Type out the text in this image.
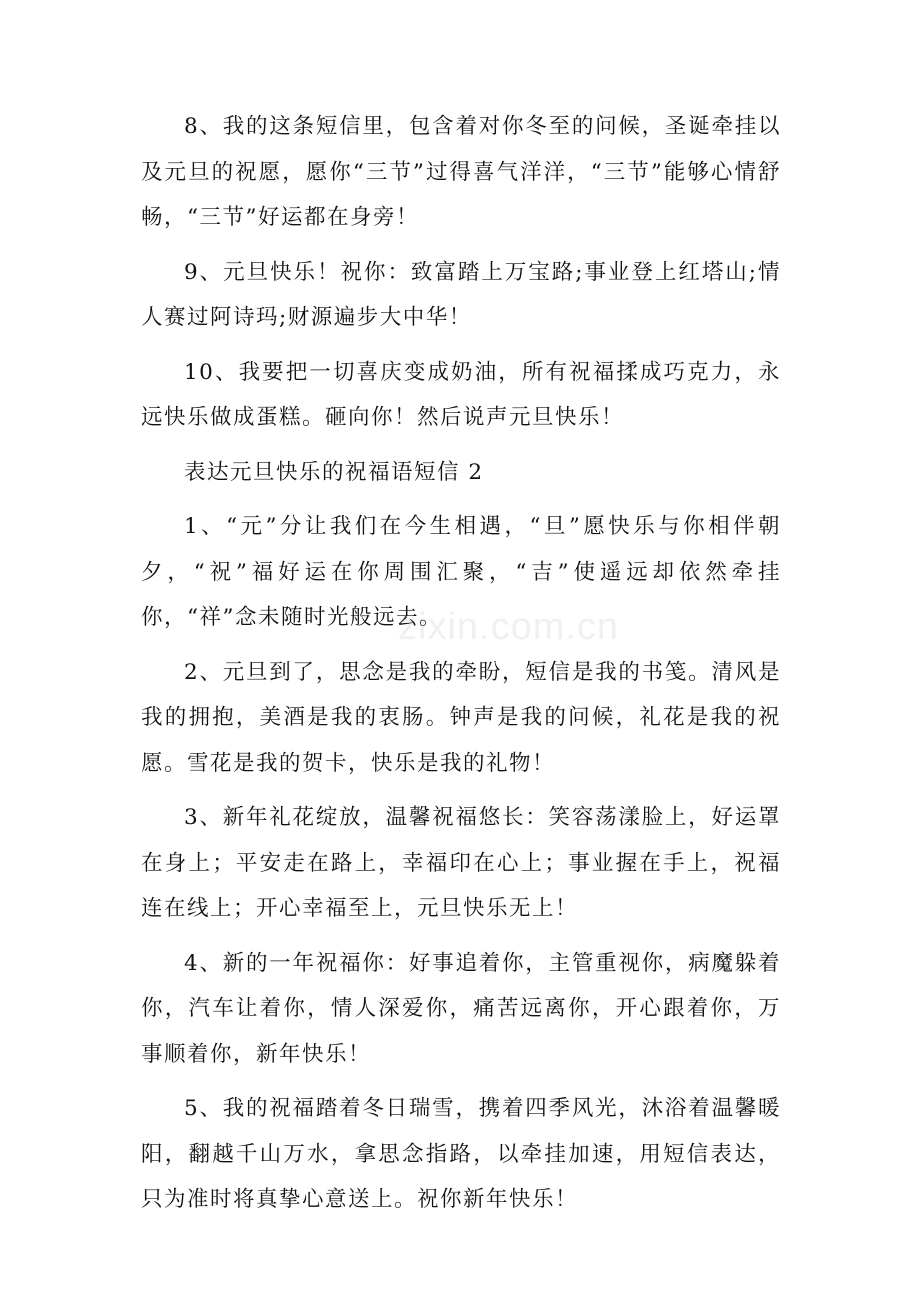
8、我的这条短信里，包含着对你冬至的问候，圣诞牵挂以及元旦的祝愿，愿你“三节”过得喜气洋洋，“三节”能够心情舒畅，“三节”好运都在身旁！

9、元旦快乐！祝你：致富踏上万宝路;事业登上红塔山;情人赛过阿诗玛;财源遍步大中华！

10、我要把一切喜庆变成奶油，所有祝福揉成巧克力，永远快乐做成蛋糕。砸向你！然后说声元旦快乐！

表达元旦快乐的祝福语短信 2

1、“元”分让我们在今生相遇，“旦”愿快乐与你相伴朝夕，“祝”福好运在你周围汇聚，“吉”使遥远却依然牵挂你，“祥”念未随时光般远去。

2、元旦到了，思念是我的牵盼，短信是我的书笺。清风是我的拥抱，美酒是我的衷肠。钟声是我的问候，礼花是我的祝愿。雪花是我的贺卡，快乐是我的礼物！

3、新年礼花绽放，温馨祝福悠长：笑容荡漾脸上，好运罩在身上；平安走在路上，幸福印在心上；事业握在手上，祝福连在线上；开心幸福至上，元旦快乐无上！

4、新的一年祝福你：好事追着你，主管重视你，病魔躲着你，汽车让着你，情人深爱你，痛苦远离你，开心跟着你，万事顺着你，新年快乐！

5、我的祝福踏着冬日瑞雪，携着四季风光，沐浴着温馨暖阳，翻越千山万水，拿思念指路，以牵挂加速，用短信表达，只为准时将真挚心意送上。祝你新年快乐！

zixin.com.cn
